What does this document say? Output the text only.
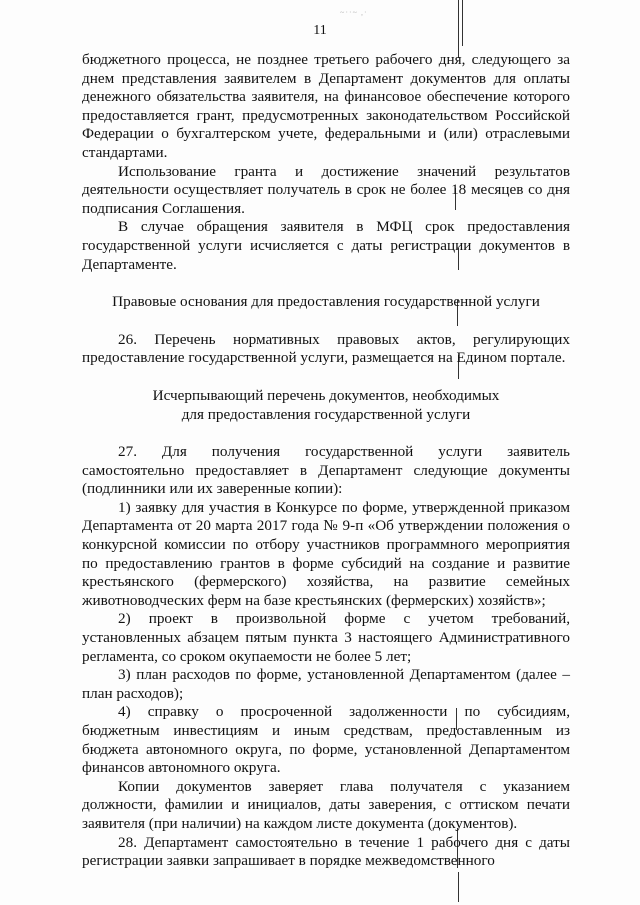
~··~ ,·
11

бюджетного процесса, не позднее третьего рабочего дня, следующего за днем представления заявителем в Департамент документов для оплаты денежного обязательства заявителя, на финансовое обеспечение которого предоставляется грант, предусмотренных законодательством Российской Федерации о бухгалтерском учете, федеральными и (или) отраслевыми стандартами.

Использование гранта и достижение значений результатов деятельности осуществляет получатель в срок не более 18 месяцев со дня подписания Соглашения.

В случае обращения заявителя в МФЦ срок предоставления государственной услуги исчисляется с даты регистрации документов в Департаменте.

Правовые основания для предоставления государственной услуги

26. Перечень нормативных правовых актов, регулирующих предоставление государственной услуги, размещается на Едином портале.

Исчерпывающий перечень документов, необходимых

для предоставления государственной услуги

27. Для получения государственной услуги заявитель самостоятельно предоставляет в Департамент следующие документы (подлинники или их заверенные копии):

1) заявку для участия в Конкурсе по форме, утвержденной приказом Департамента от 20 марта 2017 года № 9-п «Об утверждении положения о конкурсной комиссии по отбору участников программного мероприятия по предоставлению грантов в форме субсидий на создание и развитие крестьянского (фермерского) хозяйства, на развитие семейных животноводческих ферм на базе крестьянских (фермерских) хозяйств»;

2) проект в произвольной форме с учетом требований, установленных абзацем пятым пункта 3 настоящего Административного регламента, со сроком окупаемости не более 5 лет;

3) план расходов по форме, установленной Департаментом (далее – план расходов);

4) справку о просроченной задолженности по субсидиям, бюджетным инвестициям и иным средствам, предоставленным из бюджета автономного округа, по форме, установленной Департаментом финансов автономного округа.

Копии документов заверяет глава получателя с указанием должности, фамилии и инициалов, даты заверения, с оттиском печати заявителя (при наличии) на каждом листе документа (документов).

28. Департамент самостоятельно в течение 1 рабочего дня с даты регистрации заявки запрашивает в порядке межведомственного
